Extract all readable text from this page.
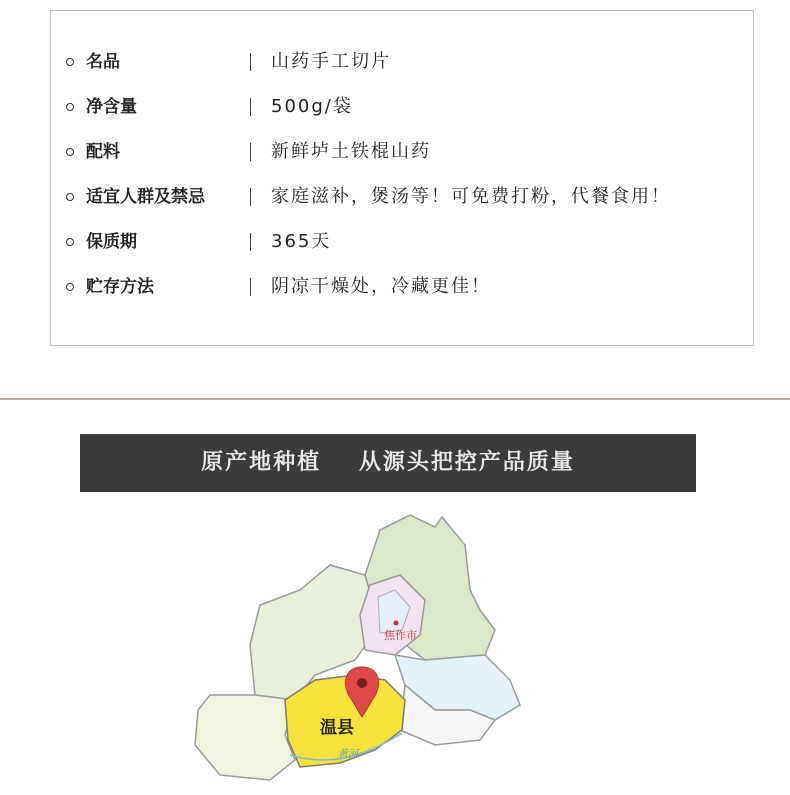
名品	山药手工切片
净含量	500g/袋
配料	新鲜垆土铁棍山药
适宜人群及禁忌	家庭滋补，煲汤等！可免费打粉，代餐食用！
保质期	365天
贮存方法	阴凉干燥处，冷藏更佳！
原产地种植 从源头把控产品质量
焦作市
温县
黄河
